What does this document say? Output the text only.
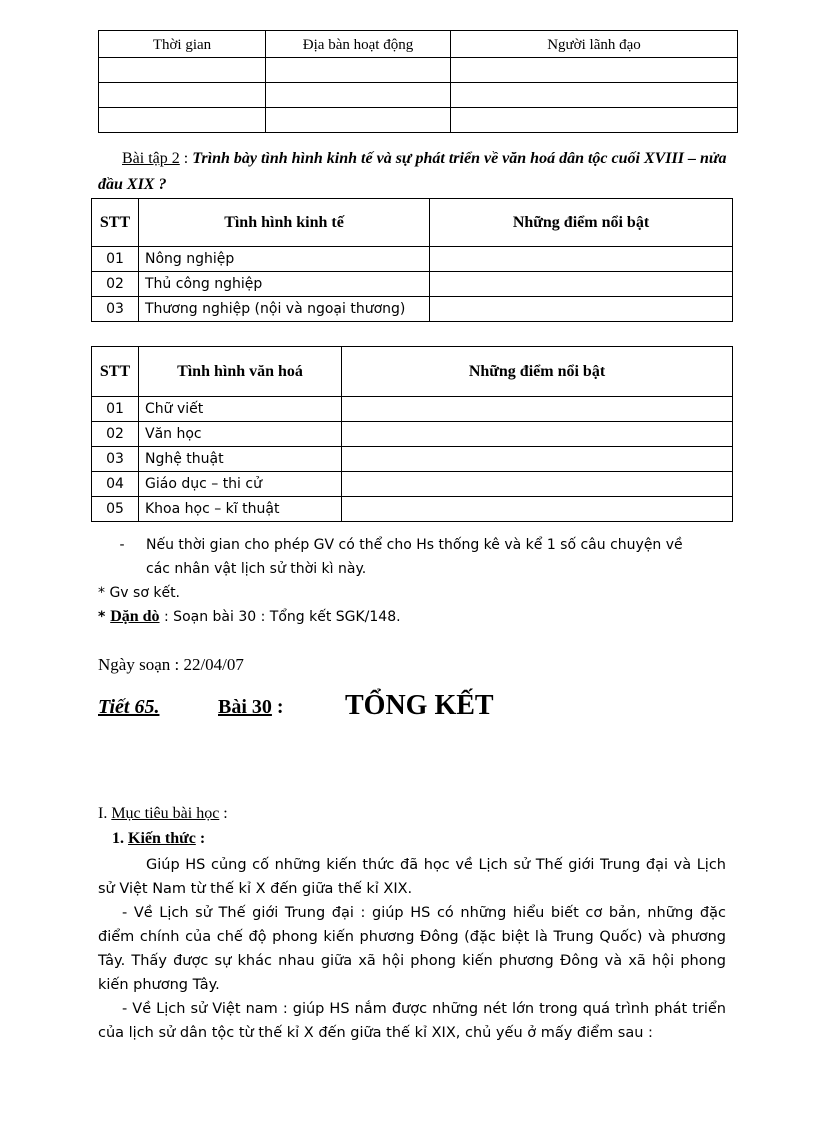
Thời gian	Địa bàn hoạt động	Người lãnh đạo

Bài tập 2 : Trình bày tình hình kinh tế và sự phát triển về văn hoá dân tộc cuối XVIII – nửa đầu XIX ?
STT	Tình hình kinh tế	Những điểm nổi bật
01	Nông nghiệp	
02	Thủ công nghiệp	
03	Thương nghiệp (nội và ngoại thương)	
STT	Tình hình văn hoá	Những điểm nổi bật
01	Chữ viết	
02	Văn học	
03	Nghệ thuật	
04	Giáo dục – thi cử	
05	Khoa học – kĩ thuật	
-	Nếu thời gian cho phép GV có thể cho Hs thống kê và kể 1 số câu chuyện về
các nhân vật lịch sử thời kì này.
* Gv sơ kết.
* Dặn dò : Soạn bài 30 : Tổng kết SGK/148.
Ngày soạn : 22/04/07
Tiết 65.	Bài 30 : TỔNG KẾT
I. Mục tiêu bài học :
1. Kiến thức :

Giúp HS củng cố những kiến thức đã học về Lịch sử Thế giới Trung đại và Lịch sử Việt Nam từ thế kỉ X đến giữa thế kỉ XIX.

- Về Lịch sử Thế giới Trung đại : giúp HS có những hiểu biết cơ bản, những đặc điểm chính của chế độ phong kiến phương Đông (đặc biệt là Trung Quốc) và phương Tây. Thấy được sự khác nhau giữa xã hội phong kiến phương Đông và xã hội phong kiến phương Tây.

- Về Lịch sử Việt nam : giúp HS nắm được những nét lớn trong quá trình phát triển của lịch sử dân tộc từ thế kỉ X đến giữa thế kỉ XIX, chủ yếu ở mấy điểm sau :
